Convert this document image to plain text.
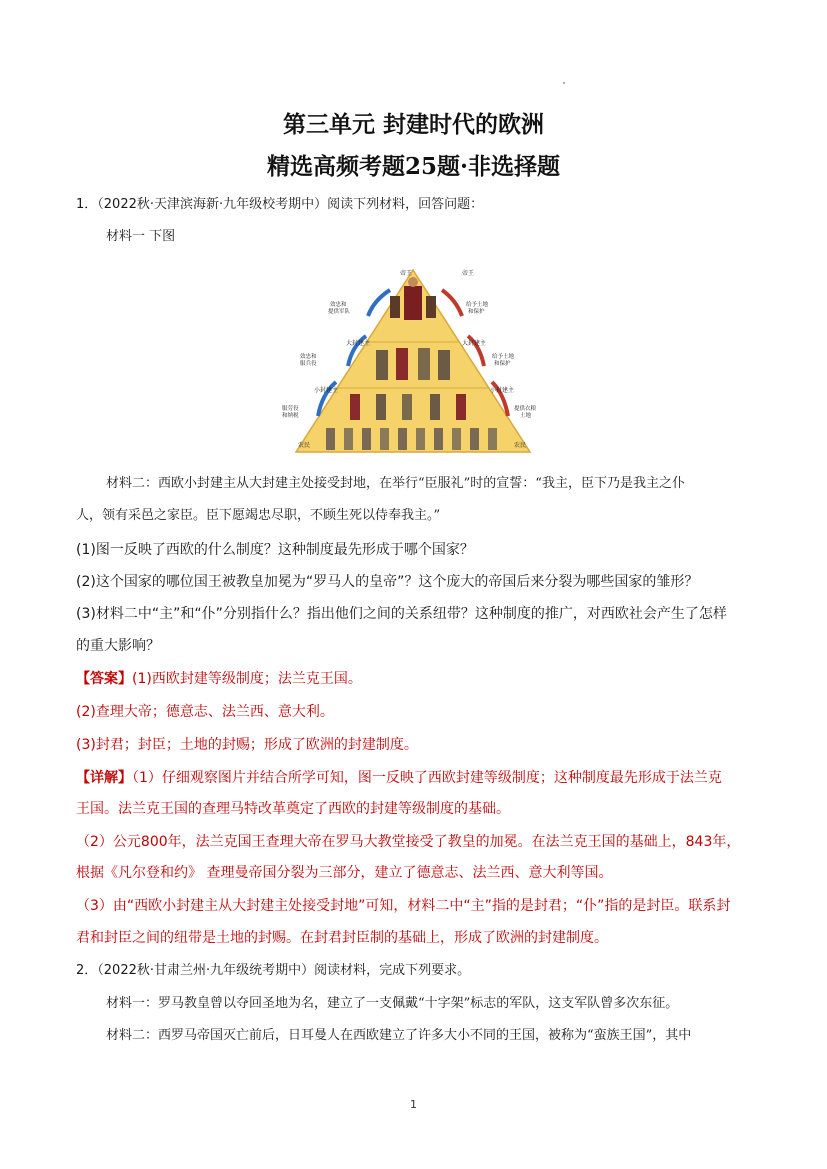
第三单元 封建时代的欧洲
精选高频考题25题·非选择题
1．（2022秋·天津滨海新·九年级校考期中）阅读下列材料，回答问题：
材料一 下图
帝王	帝王
大封建主	大封建主
小封建主	小封建主
农民	农民
效忠和
提供军队
效忠和
服兵役
服劳役
和纳税
给予土地
和保护
给予土地
和保护
提供衣粮
土地
材料二：西欧小封建主从大封建主处接受封地，在举行“臣服礼”时的宣誓：“我主，臣下乃是我主之仆
人，领有采邑之家臣。臣下愿竭忠尽职，不顾生死以侍奉我主。”
(1)图一反映了西欧的什么制度？这种制度最先形成于哪个国家？
(2)这个国家的哪位国王被教皇加冕为“罗马人的皇帝”？这个庞大的帝国后来分裂为哪些国家的雏形？
(3)材料二中“主”和“仆”分别指什么？指出他们之间的关系纽带？这种制度的推广，对西欧社会产生了怎样
的重大影响？
【答案】(1)西欧封建等级制度；法兰克王国。
(2)查理大帝；德意志、法兰西、意大利。
(3)封君；封臣；土地的封赐；形成了欧洲的封建制度。
【详解】（1）仔细观察图片并结合所学可知，图一反映了西欧封建等级制度；这种制度最先形成于法兰克
王国。法兰克王国的查理马特改革奠定了西欧的封建等级制度的基础。
（2）公元800年，法兰克国王查理大帝在罗马大教堂接受了教皇的加冕。在法兰克王国的基础上，843年，
根据《凡尔登和约》 查理曼帝国分裂为三部分，建立了德意志、法兰西、意大利等国。
（3）由“西欧小封建主从大封建主处接受封地”可知，材料二中“主”指的是封君；“仆”指的是封臣。联系封
君和封臣之间的纽带是土地的封赐。在封君封臣制的基础上，形成了欧洲的封建制度。
2．（2022秋·甘肃兰州·九年级统考期中）阅读材料，完成下列要求。
材料一：罗马教皇曾以夺回圣地为名，建立了一支佩戴“十字架”标志的军队，这支军队曾多次东征。
材料二：西罗马帝国灭亡前后，日耳曼人在西欧建立了许多大小不同的王国，被称为“蛮族王国”，其中
1
